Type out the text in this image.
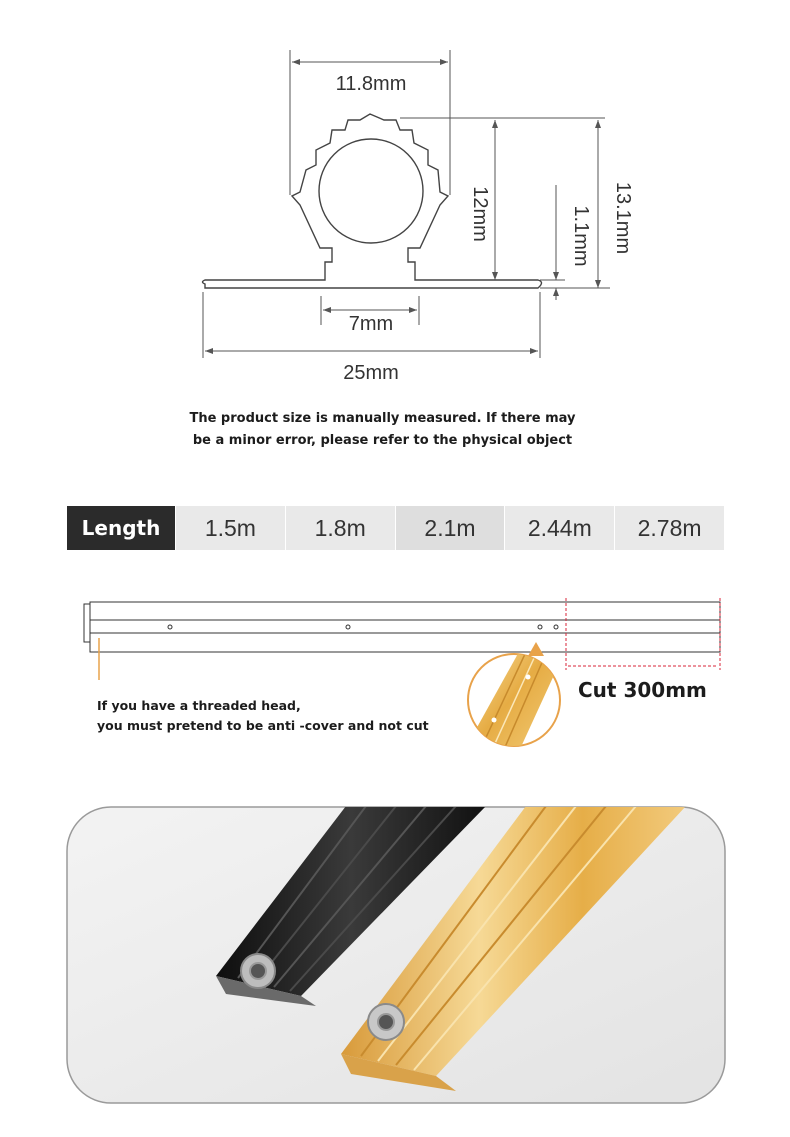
11.8mm
12mm	1.1mm 13.1mm
7mm
25mm
The product size is manually measured. If there may
be a minor error, please refer to the physical object
Length	1.5m	1.8m	2.1m	2.44m	2.78m
If you have a threaded head,
you must pretend to be anti -cover and not cut
Cut 300mm
